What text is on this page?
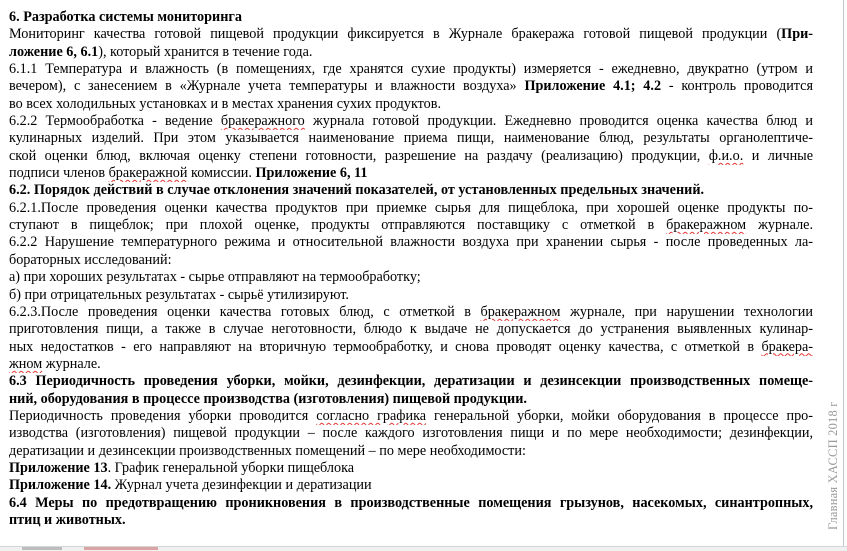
6. Разработка системы мониторинга
Мониторинг качества готовой пищевой продукции фиксируется в Журнале бракеража готовой пищевой продукции (При-
ложение 6, 6.1), который хранится в течение года.
6.1.1 Температура и влажность (в помещениях, где хранятся сухие продукты) измеряется - ежедневно, двукратно (утром и
вечером), с занесением в «Журнале учета температуры и влажности воздуха» Приложение 4.1; 4.2 - контроль проводится
во всех холодильных установках и в местах хранения сухих продуктов.
6.2.2 Термообработка - ведение бракеражного журнала готовой продукции. Ежедневно проводится оценка качества блюд и
кулинарных изделий. При этом указывается наименование приема пищи, наименование блюд, результаты органолептиче-
ской оценки блюд, включая оценку степени готовности, разрешение на раздачу (реализацию) продукции, ф.и.о. и личные
подписи членов бракеражной комиссии. Приложение 6, 11
6.2. Порядок действий в случае отклонения значений показателей, от установленных предельных значений.
6.2.1.После проведения оценки качества продуктов при приемке сырья для пищеблока, при хорошей оценке продукты по-
ступают в пищеблок; при плохой оценке, продукты отправляются поставщику с отметкой в бракеражном журнале.
6.2.2 Нарушение температурного режима и относительной влажности воздуха при хранении сырья - после проведенных ла-
бораторных исследований:
а) при хороших результатах - сырье отправляют на термообработку;
б) при отрицательных результатах - сырьё утилизируют.
6.2.3.После проведения оценки качества готовых блюд, с отметкой в бракеражном журнале, при нарушении технологии
приготовления пищи, а также в случае неготовности, блюдо к выдаче не допускается до устранения выявленных кулинар-
ных недостатков - его направляют на вторичную термообработку, и снова проводят оценку качества, с отметкой в бракера-
жном журнале.
6.3 Периодичность проведения уборки, мойки, дезинфекции, дератизации и дезинсекции производственных помеще-
ний, оборудования в процессе производства (изготовления) пищевой продукции.
Периодичность проведения уборки проводится согласно графика генеральной уборки, мойки оборудования в процессе про-
изводства (изготовления) пищевой продукции – после каждого изготовления пищи и по мере необходимости; дезинфекции,
дератизации и дезинсекции производственных помещений – по мере необходимости:
Приложение 13. График генеральной уборки пищеблока
Приложение 14. Журнал учета дезинфекции и дератизации
6.4 Меры по предотвращению проникновения в производственные помещения грызунов, насекомых, синантропных,
птиц и животных.	Главная ХАССП 2018 г
